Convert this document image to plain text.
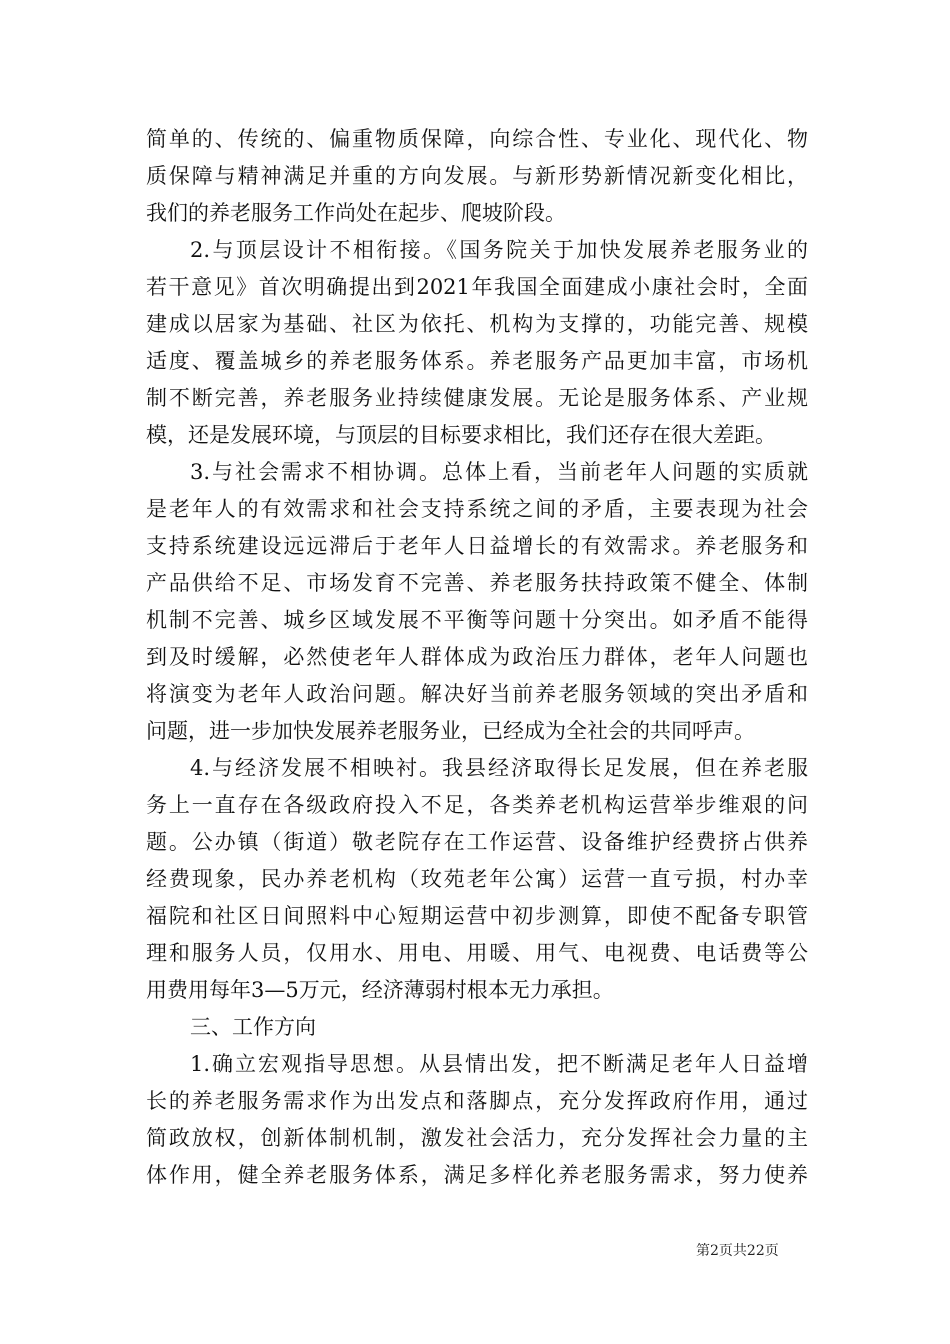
简单的、传统的、偏重物质保障，向综合性、专业化、现代化、物
质保障与精神满足并重的方向发展。与新形势新情况新变化相比，
我们的养老服务工作尚处在起步、爬坡阶段。
2.与顶层设计不相衔接。《国务院关于加快发展养老服务业的
若干意见》首次明确提出到2021年我国全面建成小康社会时，全面
建成以居家为基础、社区为依托、机构为支撑的，功能完善、规模
适度、覆盖城乡的养老服务体系。养老服务产品更加丰富，市场机
制不断完善，养老服务业持续健康发展。无论是服务体系、产业规
模，还是发展环境，与顶层的目标要求相比，我们还存在很大差距。
3.与社会需求不相协调。总体上看，当前老年人问题的实质就
是老年人的有效需求和社会支持系统之间的矛盾，主要表现为社会
支持系统建设远远滞后于老年人日益增长的有效需求。养老服务和
产品供给不足、市场发育不完善、养老服务扶持政策不健全、体制
机制不完善、城乡区域发展不平衡等问题十分突出。如矛盾不能得
到及时缓解，必然使老年人群体成为政治压力群体，老年人问题也
将演变为老年人政治问题。解决好当前养老服务领域的突出矛盾和
问题，进一步加快发展养老服务业，已经成为全社会的共同呼声。
4.与经济发展不相映衬。我县经济取得长足发展，但在养老服
务上一直存在各级政府投入不足，各类养老机构运营举步维艰的问
题。公办镇（街道）敬老院存在工作运营、设备维护经费挤占供养
经费现象，民办养老机构（玫苑老年公寓）运营一直亏损，村办幸
福院和社区日间照料中心短期运营中初步测算，即使不配备专职管
理和服务人员，仅用水、用电、用暖、用气、电视费、电话费等公
用费用每年3—5万元，经济薄弱村根本无力承担。
三、工作方向
1.确立宏观指导思想。从县情出发，把不断满足老年人日益增
长的养老服务需求作为出发点和落脚点，充分发挥政府作用，通过
简政放权，创新体制机制，激发社会活力，充分发挥社会力量的主
体作用，健全养老服务体系，满足多样化养老服务需求，努力使养
第2页共22页
